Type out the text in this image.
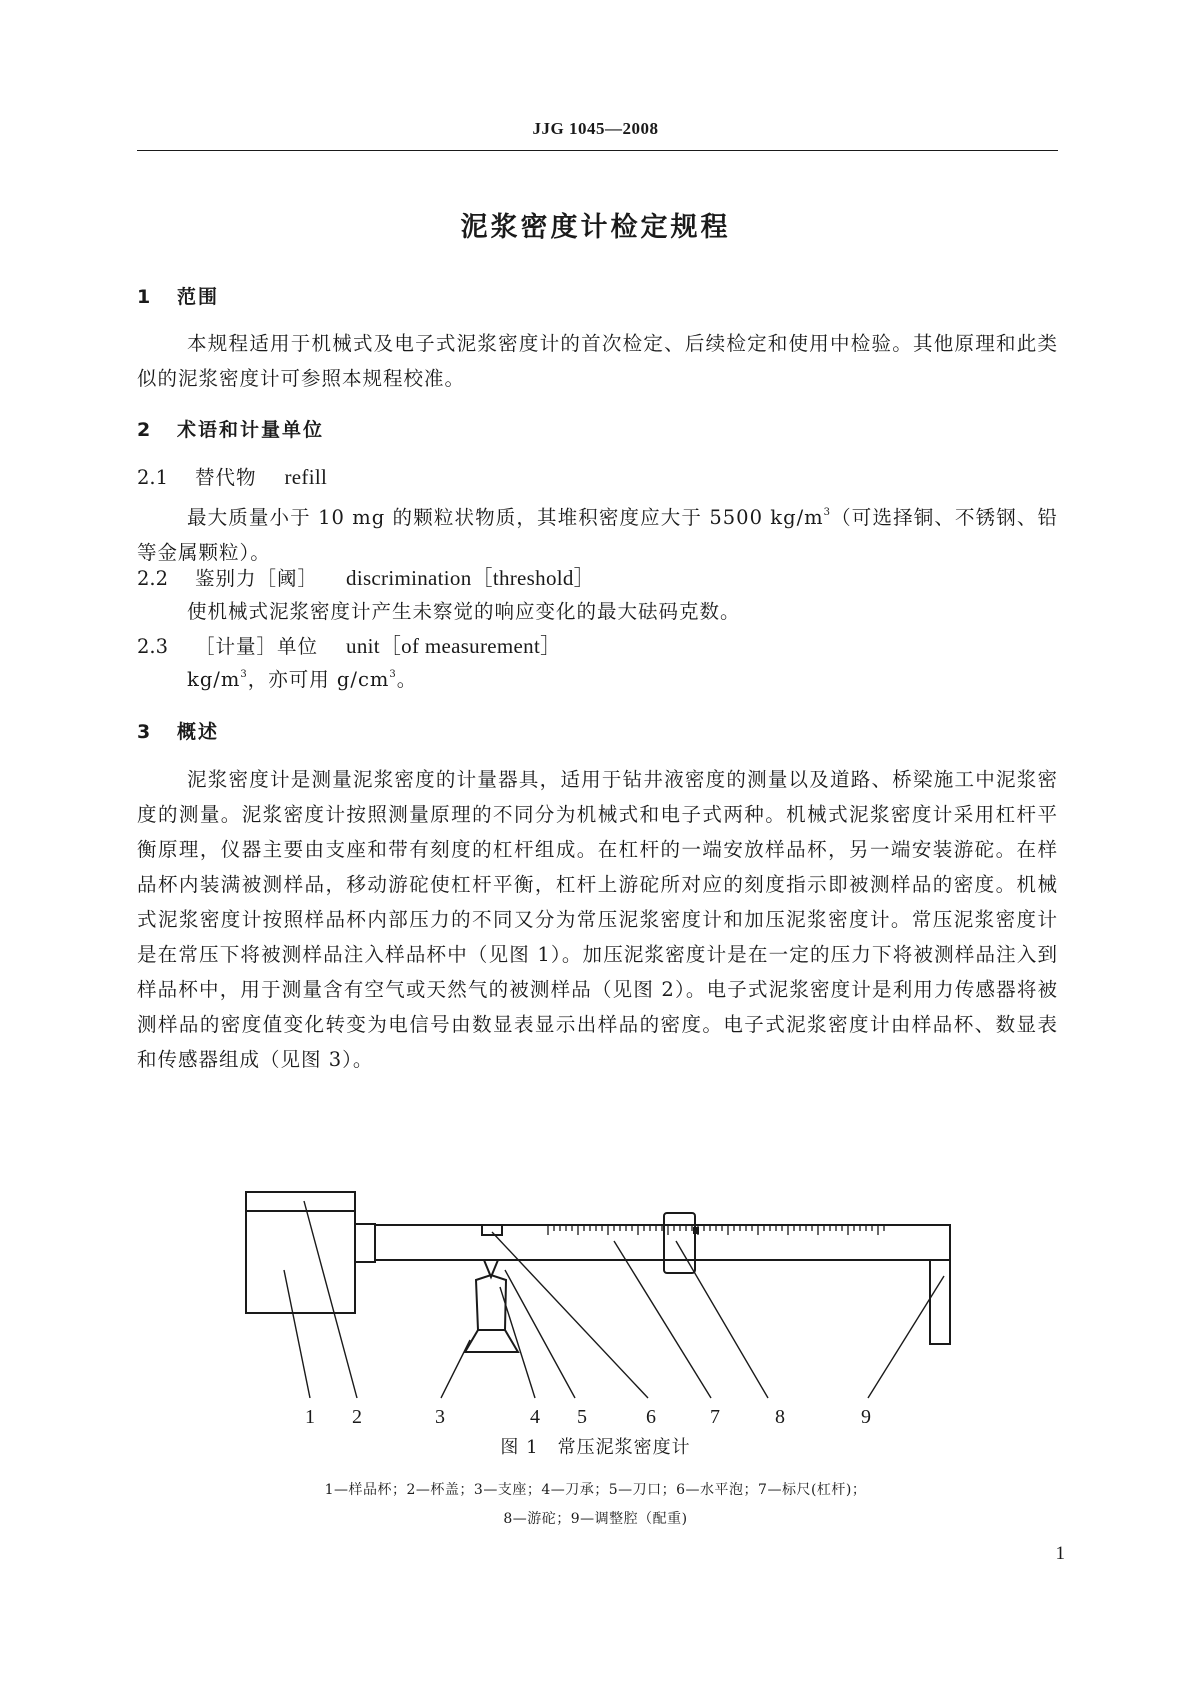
JJG 1045—2008
泥浆密度计检定规程
1 范围

本规程适用于机械式及电子式泥浆密度计的首次检定、后续检定和使用中检验。其他原理和此类似的泥浆密度计可参照本规程校准。

2 术语和计量单位
2.1 替代物 refill

最大质量小于 10 mg 的颗粒状物质，其堆积密度应大于 5500 $kg/m^3$（可选择铜、不锈钢、铅等金属颗粒）。

2.2 鉴别力［阈］ discrimination［threshold］
使机械式泥浆密度计产生未察觉的响应变化的最大砝码克数。
2.3 ［计量］单位 unit［of measurement］
$kg/m^3$，亦可用 $g/cm^3$。
3 概述

泥浆密度计是测量泥浆密度的计量器具，适用于钻井液密度的测量以及道路、桥梁施工中泥浆密度的测量。泥浆密度计按照测量原理的不同分为机械式和电子式两种。机械式泥浆密度计采用杠杆平衡原理，仪器主要由支座和带有刻度的杠杆组成。在杠杆的一端安放样品杯，另一端安装游砣。在样品杯内装满被测样品，移动游砣使杠杆平衡，杠杆上游砣所对应的刻度指示即被测样品的密度。机械式泥浆密度计按照样品杯内部压力的不同又分为常压泥浆密度计和加压泥浆密度计。常压泥浆密度计是在常压下将被测样品注入样品杯中（见图 1）。加压泥浆密度计是在一定的压力下将被测样品注入到样品杯中，用于测量含有空气或天然气的被测样品（见图 2）。电子式泥浆密度计是利用力传感器将被测样品的密度值变化转变为电信号由数显表显示出样品的密度。电子式泥浆密度计由样品杯、数显表和传感器组成（见图 3）。

1 2	3	4 5	6	7	8	9
图 1　常压泥浆密度计
1—样品杯；2—杯盖；3—支座；4—刀承；5—刀口；6—水平泡；7—标尺(杠杆)；
8—游砣；9—调整腔（配重)
1
